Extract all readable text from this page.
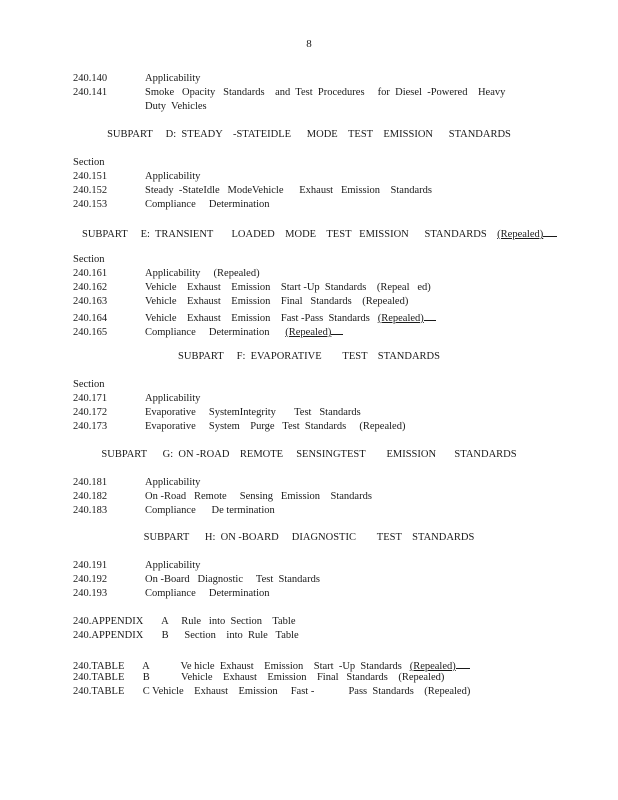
8
240.140	Applicability
240.141	Smoke   Opacity   Standards    and  Test  Procedures     for  Diesel  -Powered    Heavy
Duty  Vehicles
SUBPART     D:  STEADY    -STATEIDLE      MODE    TEST    EMISSION      STANDARDS
Section
240.151	Applicability
240.152	Steady  -StateIdle   ModeVehicle      Exhaust   Emission    Standards
240.153	Compliance     Determination
SUBPART     E:  TRANSIENT       LOADED    MODE    TEST   EMISSION      STANDARDS (Repealed)
Section
240.161	Applicability     (Repealed)
240.162	Vehicle    Exhaust    Emission    Start -Up  Standards    (Repeal   ed)
240.163	Vehicle    Exhaust    Emission    Final   Standards    (Repealed)
240.164	Vehicle    Exhaust    Emission    Fast -Pass  Standards   (Repealed)
240.165	Compliance     Determination      (Repealed)
SUBPART     F:  EVAPORATIVE        TEST    STANDARDS
Section
240.171	Applicability
240.172	Evaporative     SystemIntegrity       Test   Standards
240.173	Evaporative     System    Purge   Test  Standards     (Repealed)
SUBPART      G:  ON -ROAD    REMOTE     SENSINGTEST        EMISSION       STANDARDS
240.181	Applicability
240.182	On -Road   Remote     Sensing   Emission    Standards
240.183	Compliance      De termination
SUBPART      H:  ON -BOARD     DIAGNOSTIC        TEST    STANDARDS
240.191	Applicability
240.192	On -Board   Diagnostic     Test  Standards
240.193	Compliance     Determination
240.APPENDIX       A     Rule   into  Section    Table
240.APPENDIX       B      Section    into  Rule   Table
240.TABLE       A            Ve hicle  Exhaust    Emission    Start  -Up  Standards   (Repealed)
240.TABLE       B            Vehicle    Exhaust    Emission    Final   Standards    (Repealed)
240.TABLE       C Vehicle    Exhaust    Emission     Fast -             Pass  Standards    (Repealed)
